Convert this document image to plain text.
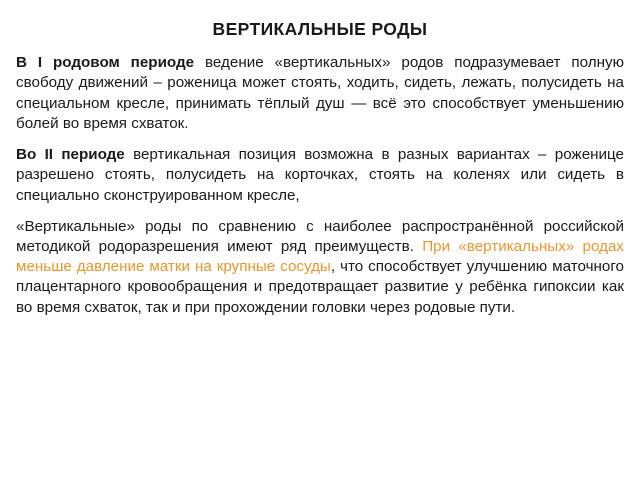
ВЕРТИКАЛЬНЫЕ РОДЫ

В I родовом периоде ведение «вертикальных» родов подразумевает полную свободу движений – роженица может стоять, ходить, сидеть, лежать, полусидеть на специальном кресле, принимать тёплый душ — всё это способствует уменьшению болей во время схваток.

Во II периоде вертикальная позиция возможна в разных вариантах – роженице разрешено стоять, полусидеть на корточках, стоять на коленях или сидеть в специально сконструированном кресле,

«Вертикальные» роды по сравнению с наиболее распространённой российской методикой родоразрешения имеют ряд преимуществ. При «вертикальных» родах меньше давление матки на крупные сосуды, что способствует улучшению маточного плацентарного кровообращения и предотвращает развитие у ребёнка гипоксии как во время схваток, так и при прохождении головки через родовые пути.
